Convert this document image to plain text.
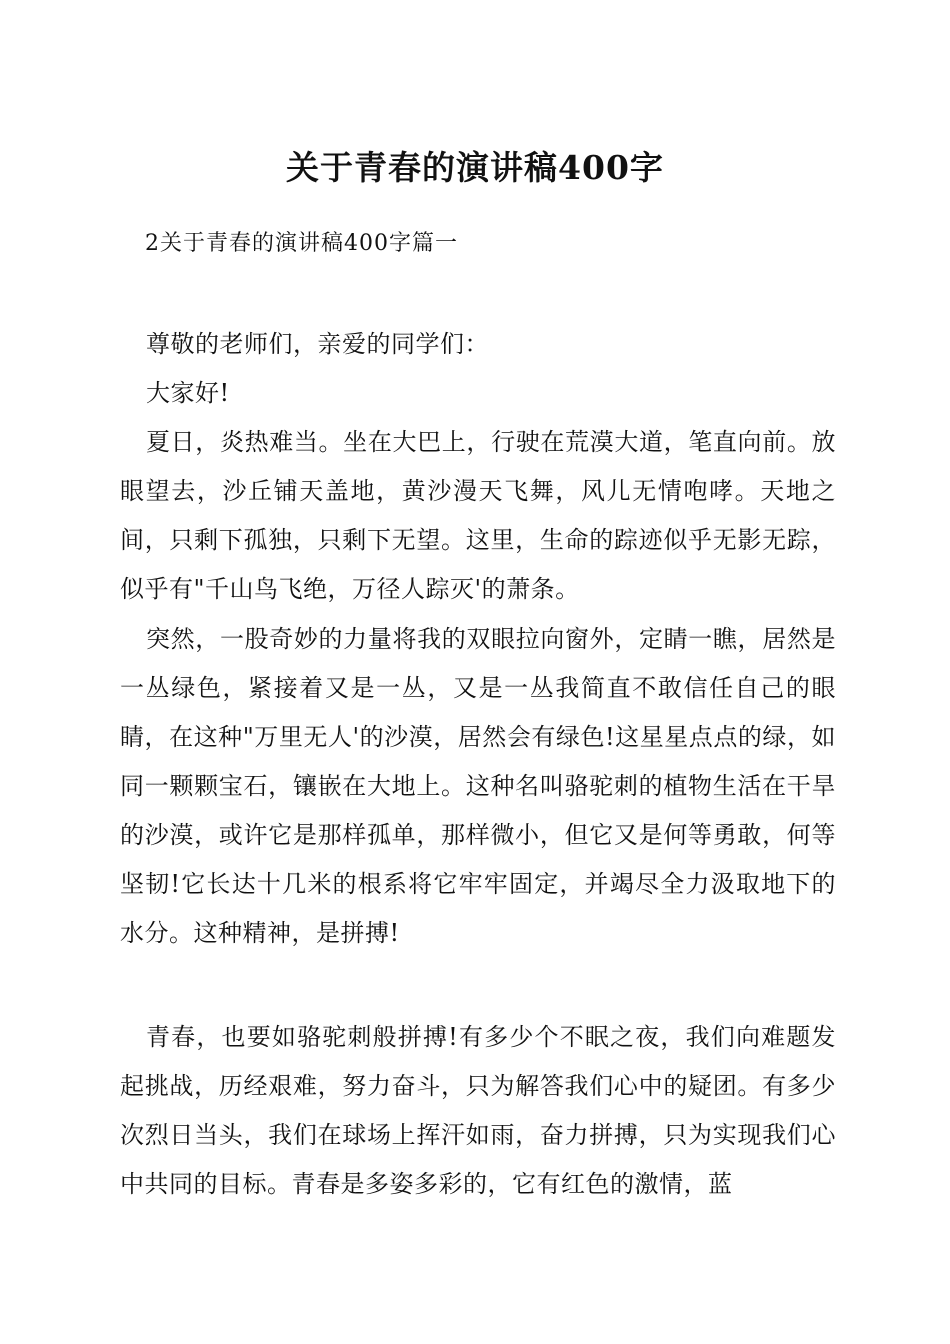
关于青春的演讲稿400字

2关于青春的演讲稿400字篇一

尊敬的老师们，亲爱的同学们：

大家好!

夏日，炎热难当。坐在大巴上，行驶在荒漠大道，笔直向前。放眼望去，沙丘铺天盖地，黄沙漫天飞舞，风儿无情咆哮。天地之间，只剩下孤独，只剩下无望。这里，生命的踪迹似乎无影无踪，似乎有"千山鸟飞绝，万径人踪灭'的萧条。

突然，一股奇妙的力量将我的双眼拉向窗外，定睛一瞧，居然是一丛绿色，紧接着又是一丛，又是一丛我简直不敢信任自己的眼睛，在这种"万里无人'的沙漠，居然会有绿色!这星星点点的绿，如同一颗颗宝石，镶嵌在大地上。这种名叫骆驼刺的植物生活在干旱的沙漠，或许它是那样孤单，那样微小，但它又是何等勇敢，何等坚韧!它长达十几米的根系将它牢牢固定，并竭尽全力汲取地下的水分。这种精神，是拼搏!

青春，也要如骆驼刺般拼搏!有多少个不眠之夜，我们向难题发起挑战，历经艰难，努力奋斗，只为解答我们心中的疑团。有多少次烈日当头，我们在球场上挥汗如雨，奋力拼搏，只为实现我们心中共同的目标。青春是多姿多彩的，它有红色的激情，蓝
